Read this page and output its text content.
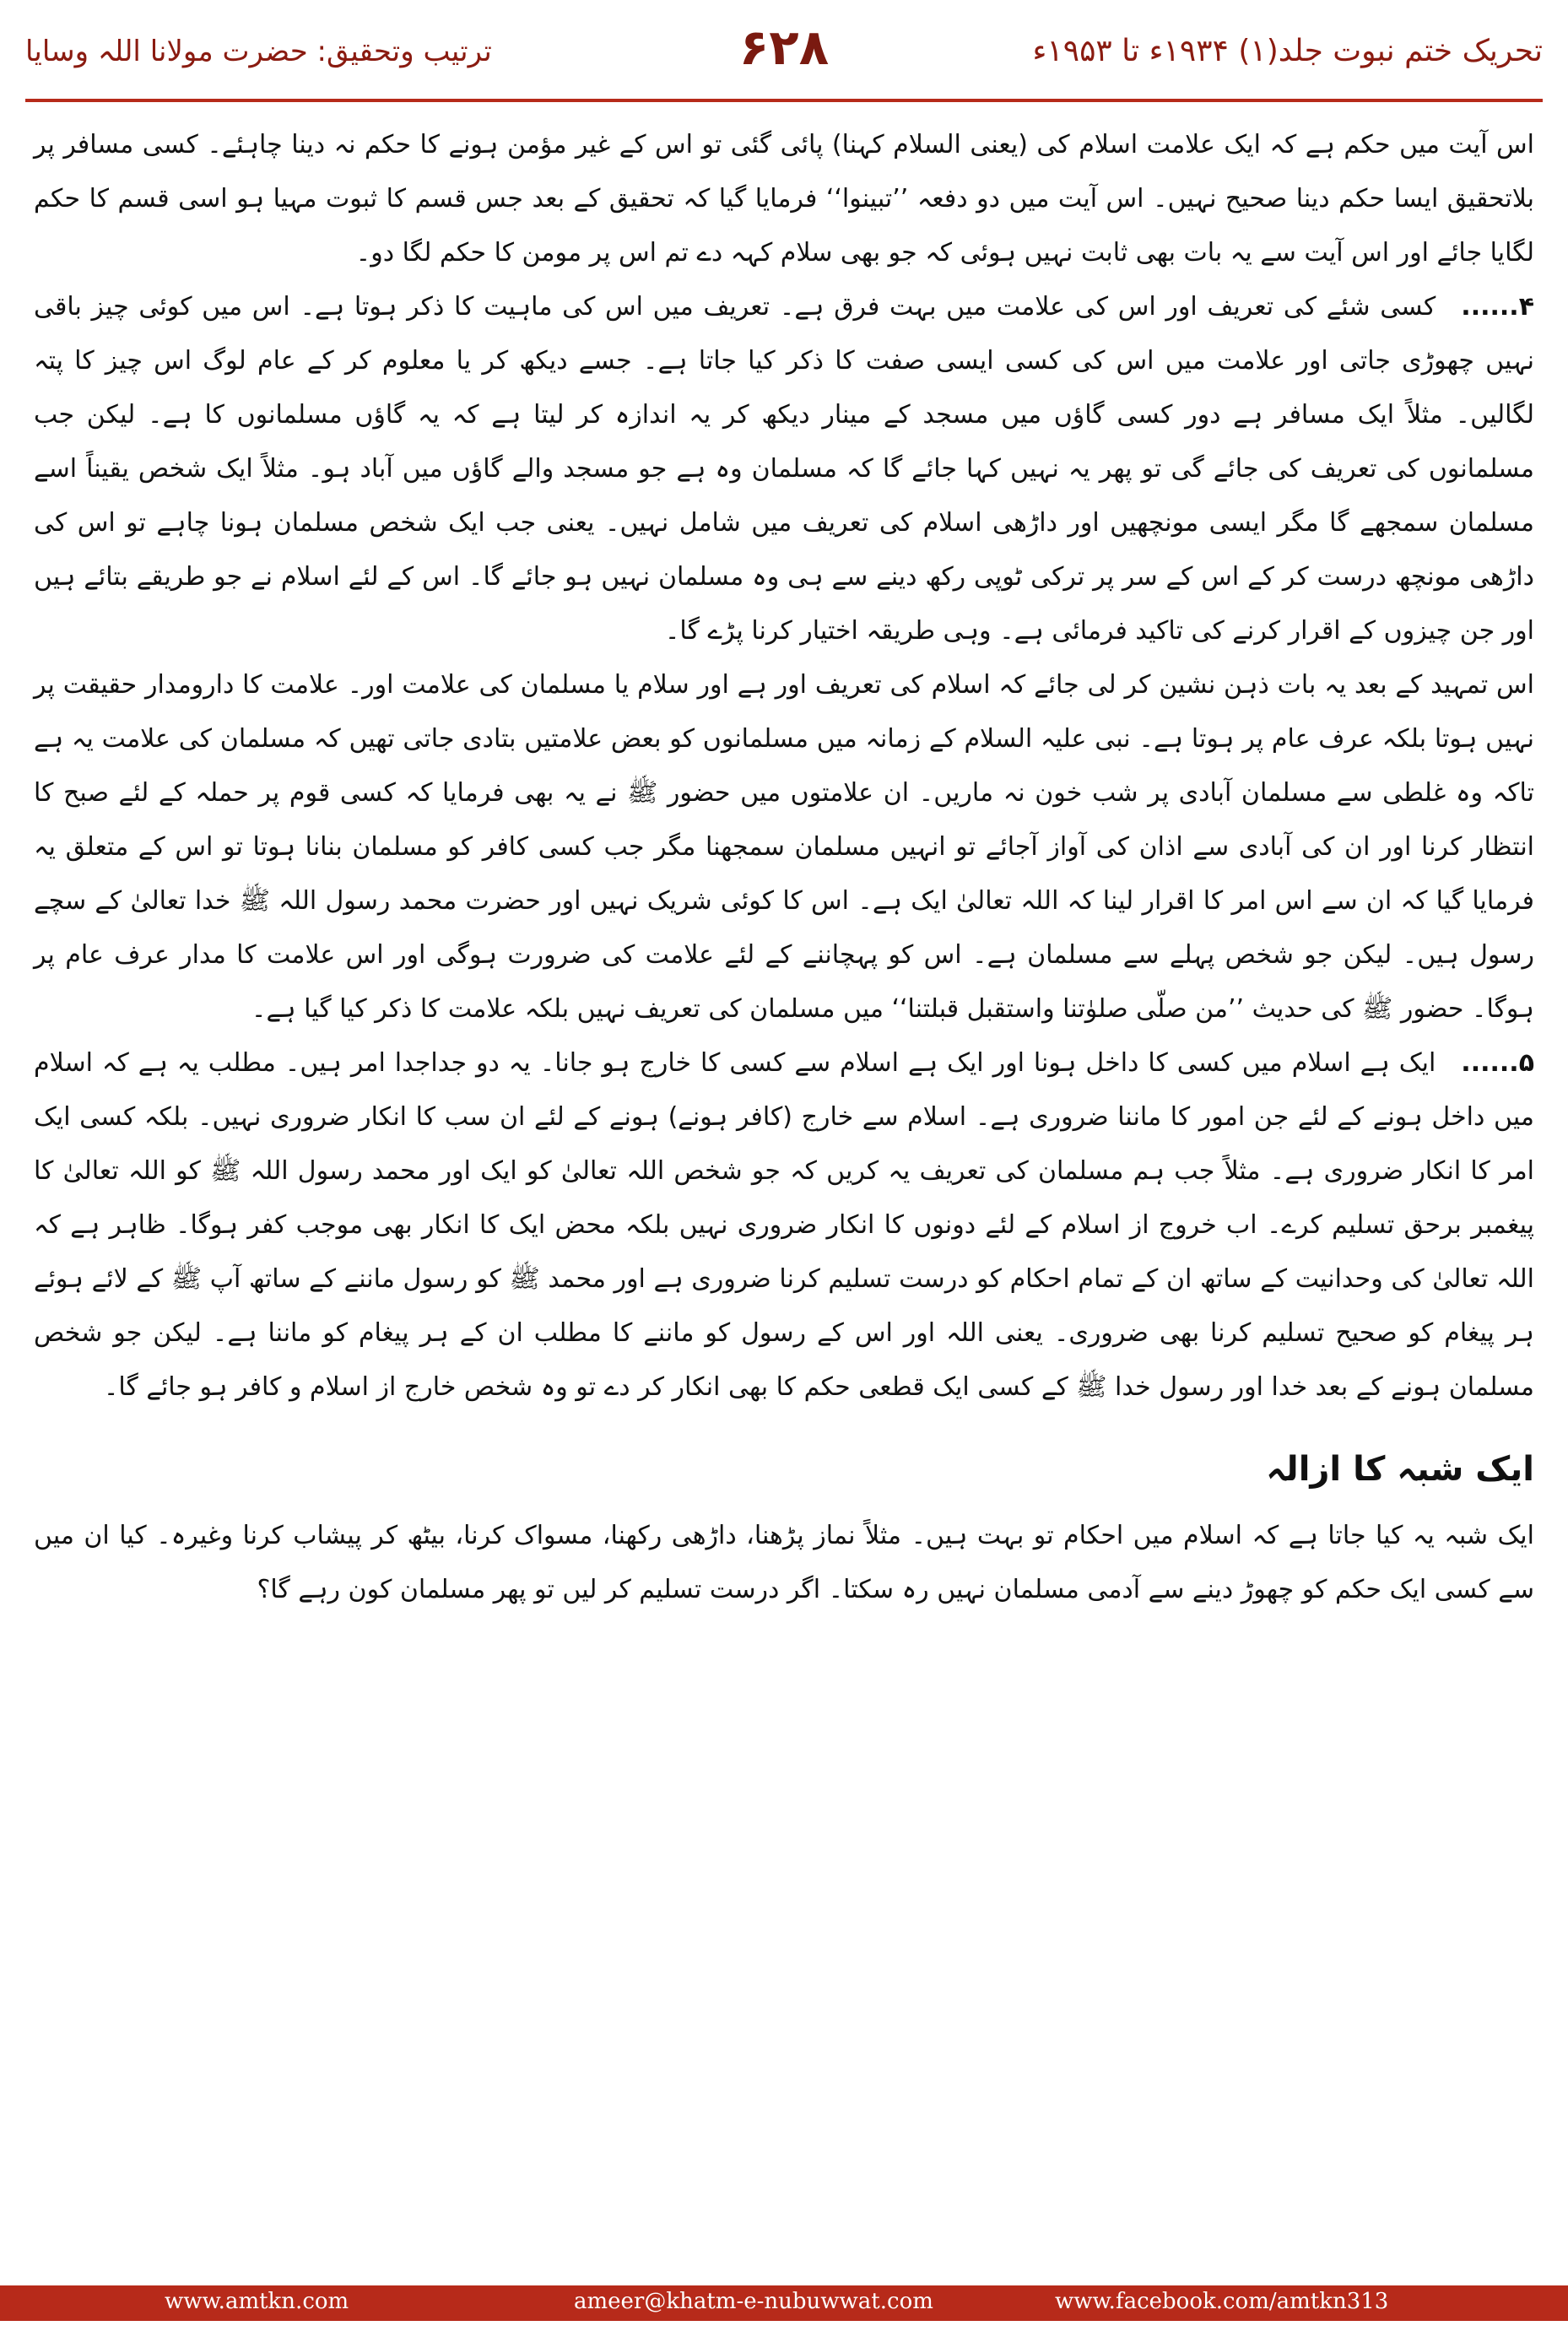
تحریک ختم نبوت جلد(۱) ۱۹۳۴ء تا ۱۹۵۳ء
۶۲۸
ترتیب وتحقیق: حضرت مولانا اللہ وسایا

اس آیت میں حکم ہے کہ ایک علامت اسلام کی (یعنی السلام کہنا) پائی گئی تو اس کے غیر مؤمن ہونے کا حکم نہ دینا چاہئے۔ کسی مسافر پر بلاتحقیق ایسا حکم دینا صحیح نہیں۔ اس آیت میں دو دفعہ ’’تبینوا‘‘ فرمایا گیا کہ تحقیق کے بعد جس قسم کا ثبوت مہیا ہو اسی قسم کا حکم لگایا جائے اور اس آیت سے یہ بات بھی ثابت نہیں ہوئی کہ جو بھی سلام کہہ دے تم اس پر مومن کا حکم لگا دو۔

۴......کسی شئے کی تعریف اور اس کی علامت میں بہت فرق ہے۔ تعریف میں اس کی ماہیت کا ذکر ہوتا ہے۔ اس میں کوئی چیز باقی نہیں چھوڑی جاتی اور علامت میں اس کی کسی ایسی صفت کا ذکر کیا جاتا ہے۔ جسے دیکھ کر یا معلوم کر کے عام لوگ اس چیز کا پتہ لگالیں۔ مثلاً ایک مسافر ہے دور کسی گاؤں میں مسجد کے مینار دیکھ کر یہ اندازہ کر لیتا ہے کہ یہ گاؤں مسلمانوں کا ہے۔ لیکن جب مسلمانوں کی تعریف کی جائے گی تو پھر یہ نہیں کہا جائے گا کہ مسلمان وہ ہے جو مسجد والے گاؤں میں آباد ہو۔ مثلاً ایک شخص یقیناً اسے مسلمان سمجھے گا مگر ایسی مونچھیں اور داڑھی اسلام کی تعریف میں شامل نہیں۔ یعنی جب ایک شخص مسلمان ہونا چاہے تو اس کی داڑھی مونچھ درست کر کے اس کے سر پر ترکی ٹوپی رکھ دینے سے ہی وہ مسلمان نہیں ہو جائے گا۔ اس کے لئے اسلام نے جو طریقے بتائے ہیں اور جن چیزوں کے اقرار کرنے کی تاکید فرمائی ہے۔ وہی طریقہ اختیار کرنا پڑے گا۔

اس تمہید کے بعد یہ بات ذہن نشین کر لی جائے کہ اسلام کی تعریف اور ہے اور سلام یا مسلمان کی علامت اور۔ علامت کا دارومدار حقیقت پر نہیں ہوتا بلکہ عرف عام پر ہوتا ہے۔ نبی علیہ السلام کے زمانہ میں مسلمانوں کو بعض علامتیں بتادی جاتی تھیں کہ مسلمان کی علامت یہ ہے تاکہ وہ غلطی سے مسلمان آبادی پر شب خون نہ ماریں۔ ان علامتوں میں حضور ﷺ نے یہ بھی فرمایا کہ کسی قوم پر حملہ کے لئے صبح کا انتظار کرنا اور ان کی آبادی سے اذان کی آواز آجائے تو انہیں مسلمان سمجھنا مگر جب کسی کافر کو مسلمان بنانا ہوتا تو اس کے متعلق یہ فرمایا گیا کہ ان سے اس امر کا اقرار لینا کہ اللہ تعالیٰ ایک ہے۔ اس کا کوئی شریک نہیں اور حضرت محمد رسول اللہ ﷺ خدا تعالیٰ کے سچے رسول ہیں۔ لیکن جو شخص پہلے سے مسلمان ہے۔ اس کو پہچاننے کے لئے علامت کی ضرورت ہوگی اور اس علامت کا مدار عرف عام پر ہوگا۔ حضور ﷺ کی حدیث ’’من صلّی صلوٰتنا واستقبل قبلتنا‘‘ میں مسلمان کی تعریف نہیں بلکہ علامت کا ذکر کیا گیا ہے۔

۵......ایک ہے اسلام میں کسی کا داخل ہونا اور ایک ہے اسلام سے کسی کا خارج ہو جانا۔ یہ دو جداجدا امر ہیں۔ مطلب یہ ہے کہ اسلام میں داخل ہونے کے لئے جن امور کا ماننا ضروری ہے۔ اسلام سے خارج (کافر ہونے) ہونے کے لئے ان سب کا انکار ضروری نہیں۔ بلکہ کسی ایک امر کا انکار ضروری ہے۔ مثلاً جب ہم مسلمان کی تعریف یہ کریں کہ جو شخص اللہ تعالیٰ کو ایک اور محمد رسول اللہ ﷺ کو اللہ تعالیٰ کا پیغمبر برحق تسلیم کرے۔ اب خروج از اسلام کے لئے دونوں کا انکار ضروری نہیں بلکہ محض ایک کا انکار بھی موجب کفر ہوگا۔ ظاہر ہے کہ اللہ تعالیٰ کی وحدانیت کے ساتھ ان کے تمام احکام کو درست تسلیم کرنا ضروری ہے اور محمد ﷺ کو رسول ماننے کے ساتھ آپ ﷺ کے لائے ہوئے ہر پیغام کو صحیح تسلیم کرنا بھی ضروری۔ یعنی اللہ اور اس کے رسول کو ماننے کا مطلب ان کے ہر پیغام کو ماننا ہے۔ لیکن جو شخص مسلمان ہونے کے بعد خدا اور رسول خدا ﷺ کے کسی ایک قطعی حکم کا بھی انکار کر دے تو وہ شخص خارج از اسلام و کافر ہو جائے گا۔

ایک شبہ کا ازالہ

ایک شبہ یہ کیا جاتا ہے کہ اسلام میں احکام تو بہت ہیں۔ مثلاً نماز پڑھنا، داڑھی رکھنا، مسواک کرنا، بیٹھ کر پیشاب کرنا وغیرہ۔ کیا ان میں سے کسی ایک حکم کو چھوڑ دینے سے آدمی مسلمان نہیں رہ سکتا۔ اگر درست تسلیم کر لیں تو پھر مسلمان کون رہے گا؟

www.amtkn.com	ameer@khatm-e-nubuwwat.com	www.facebook.com/amtkn313
